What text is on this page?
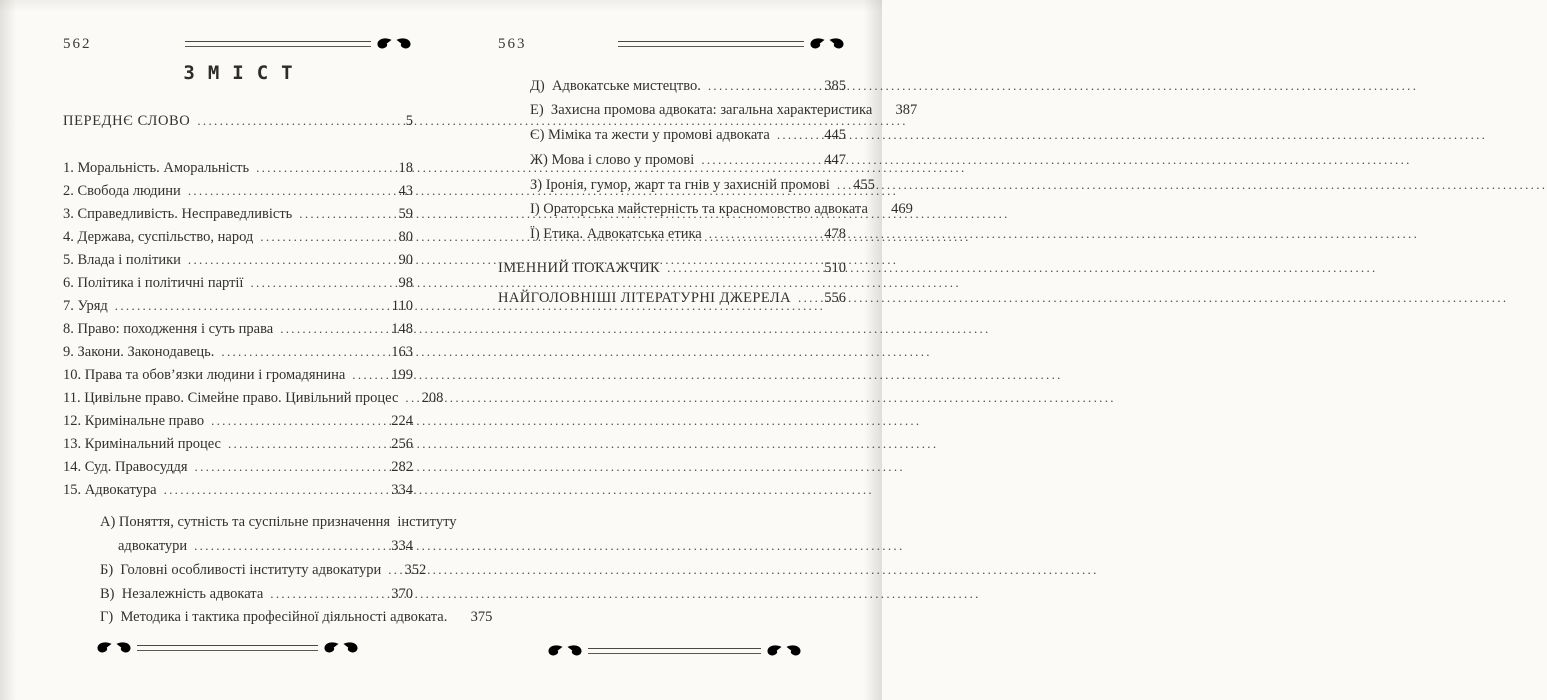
562
ЗМІСТ
ПЕРЕДНЄ СЛОВО .....	5
1. Моральність. Аморальність .....	18
2. Свобода людини .....	43
3. Справедливість. Несправедливість .....	59
4. Держава, суспільство, народ .....	80
5. Влада і політики .....	90
6. Політика і політичні партії .....	98
7. Уряд .....	110
8. Право: походження і суть права .....	148
9. Закони. Законодавець. .....	163
10. Права та обов’язки людини і громадянина .....	199
11. Цивільне право. Сімейне право. Цивільний процес ..... 208
12. Кримінальне право .....	224
13. Кримінальний процес .....	256
14. Суд. Правосуддя .....	282
15. Адвокатура .....	334
А) Поняття, сутність та суспільне призначення  інституту
адвокатури .....	334
Б)  Головні особливості інституту адвокатури ..... 352
В)  Незалежність адвоката .....	370
Г)  Методика і тактика професійної діяльності адвоката. 375
563
Д)  Адвокатське мистецтво. .....	385
Е)  Захисна промова адвоката: загальна характеристика 387
Є) Міміка та жести у промові адвоката .....	445
Ж) Мова і слово у промові .....	447
З) Іронія, гумор, жарт та гнів у захисній промові ..... 455
І) Ораторська майстерність та красномовство адвоката 469
Ї) Етика. Адвокатська етика .....	478
ІМЕННИЙ ПОКАЖЧИК .....	510
НАЙГОЛОВНІШІ ЛІТЕРАТУРНІ ДЖЕРЕЛА ..... 556
